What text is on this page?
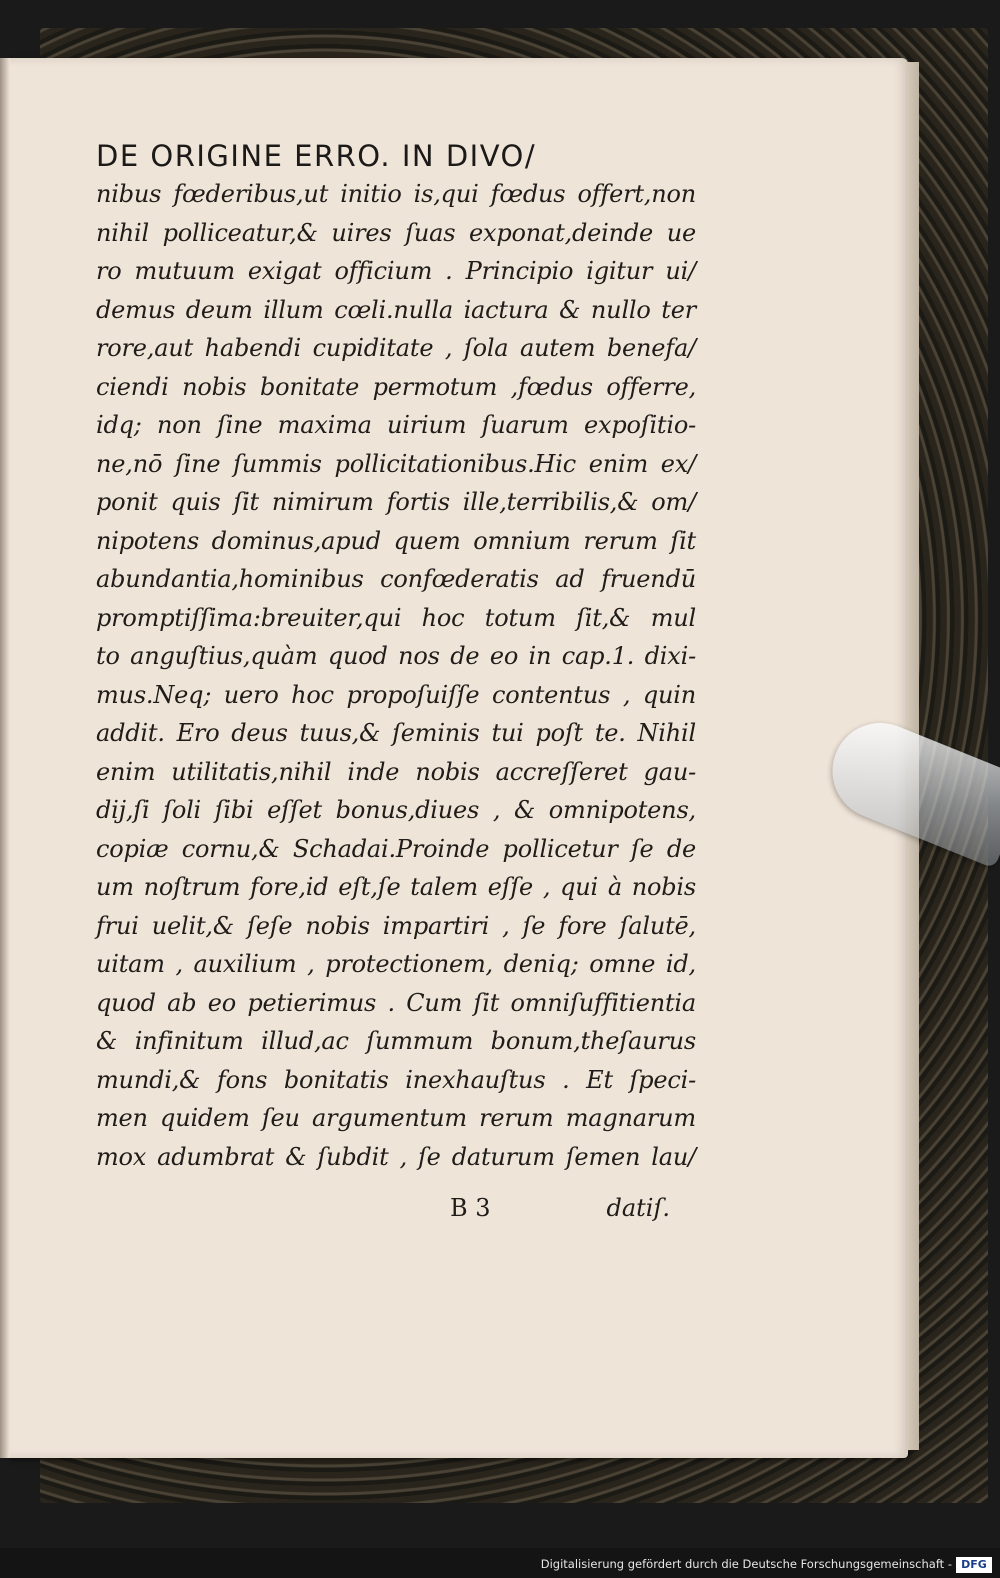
DE ORIGINE ERRO. IN DIVO/
nibus fœderibus,ut initio is,qui fœdus offert,non
nihil polliceatur,& uires ſuas exponat,deinde ue
ro mutuum exigat officium . Principio igitur ui/
demus deum illum cœli.nulla iactura & nullo ter
rore,aut habendi cupiditate , ſola autem benefa/
ciendi nobis bonitate permotum ,fœdus offerre,
idq; non ſine maxima uirium ſuarum expoſitio-
ne,nō ſine ſummis pollicitationibus.Hic enim ex/
ponit quis ſit nimirum fortis ille,terribilis,& om/
nipotens dominus,apud quem omnium rerum ſit
abundantia,hominibus confœderatis ad fruendū
promptiſſima:breuiter,qui hoc totum ſit,& mul
to anguſtius,quàm quod nos de eo in cap.1. dixi-
mus.Neq; uero hoc propoſuiſſe contentus , quin
addit. Ero deus tuus,& ſeminis tui poſt te. Nihil
enim utilitatis,nihil inde nobis accreſſeret gau-
dij,ſi ſoli ſibi eſſet bonus,diues , & omnipotens,
copiæ cornu,& Schadai.Proinde pollicetur ſe de
um noſtrum fore,id eſt,ſe talem eſſe , qui à nobis
frui uelit,& ſeſe nobis impartiri , ſe fore ſalutē,
uitam , auxilium , protectionem, deniq; omne id,
quod ab eo petierimus . Cum ſit omniſuffitientia
& infinitum illud,ac ſummum bonum,theſaurus
mundi,& fons bonitatis inexhauſtus . Et ſpeci-
men quidem ſeu argumentum rerum magnarum
mox adumbrat & ſubdit , ſe daturum ſemen lau/
B 3	datiſ.
Digitalisierung gefördert durch die Deutsche Forschungsgemeinschaft - DFG
